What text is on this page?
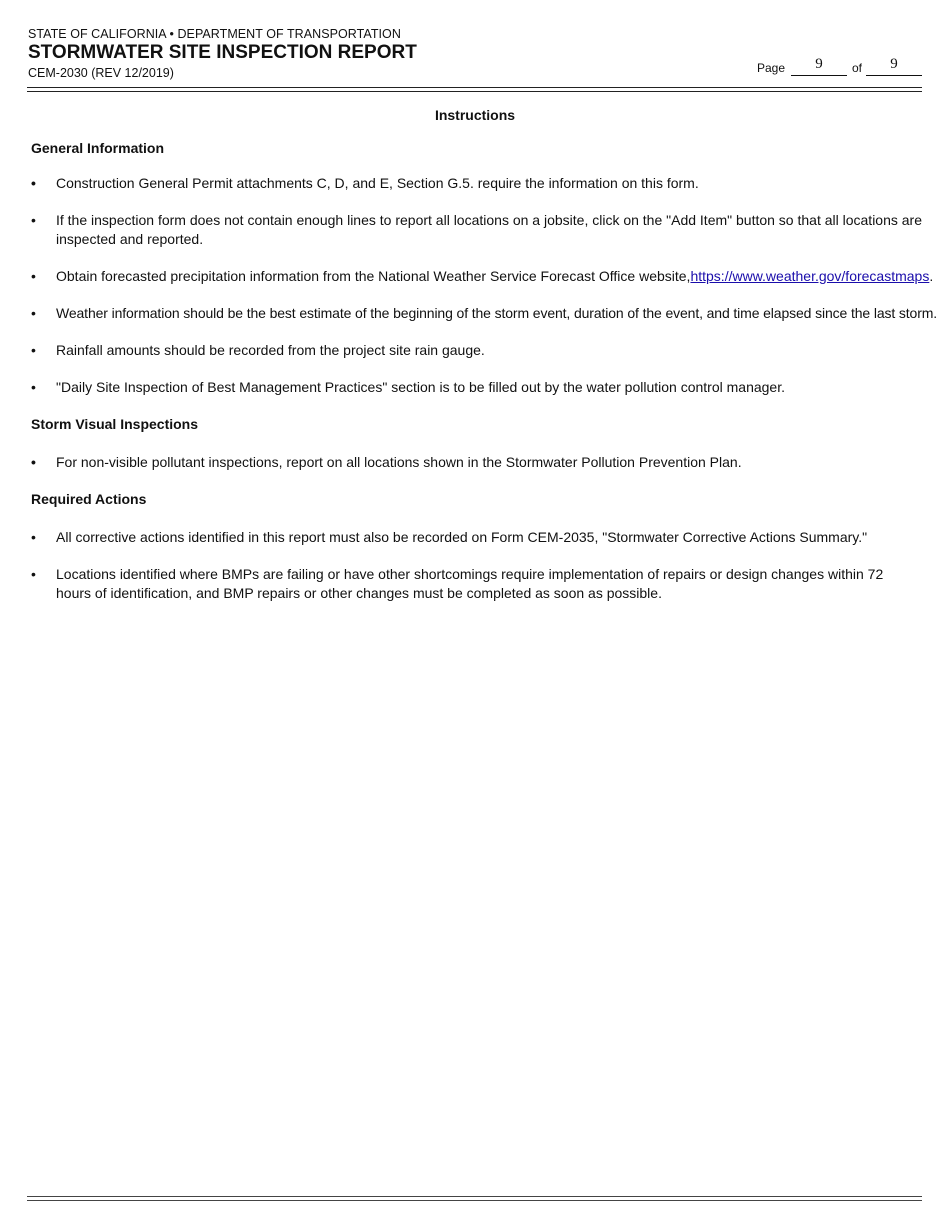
STATE OF CALIFORNIA • DEPARTMENT OF TRANSPORTATION
STORMWATER SITE INSPECTION REPORT
CEM-2030 (REV 12/2019)	Page	9	of	9
Instructions
General Information
•	Construction General Permit attachments C, D, and E, Section G.5. require the information on this form.
•	If the inspection form does not contain enough lines to report all locations on a jobsite, click on the "Add Item" button so that all locations are inspected and reported.
•	Obtain forecasted precipitation information from the National Weather Service Forecast Office website,https://www.weather.gov/forecastmaps.
•	Weather information should be the best estimate of the beginning of the storm event, duration of the event, and time elapsed since the last storm.
•	Rainfall amounts should be recorded from the project site rain gauge.
•	"Daily Site Inspection of Best Management Practices" section is to be filled out by the water pollution control manager.
Storm Visual Inspections
•	For non-visible pollutant inspections, report on all locations shown in the Stormwater Pollution Prevention Plan.
Required Actions
•	All corrective actions identified in this report must also be recorded on Form CEM-2035, "Stormwater Corrective Actions Summary."
•	Locations identified where BMPs are failing or have other shortcomings require implementation of repairs or design changes within 72 hours of identification, and BMP repairs or other changes must be completed as soon as possible.
